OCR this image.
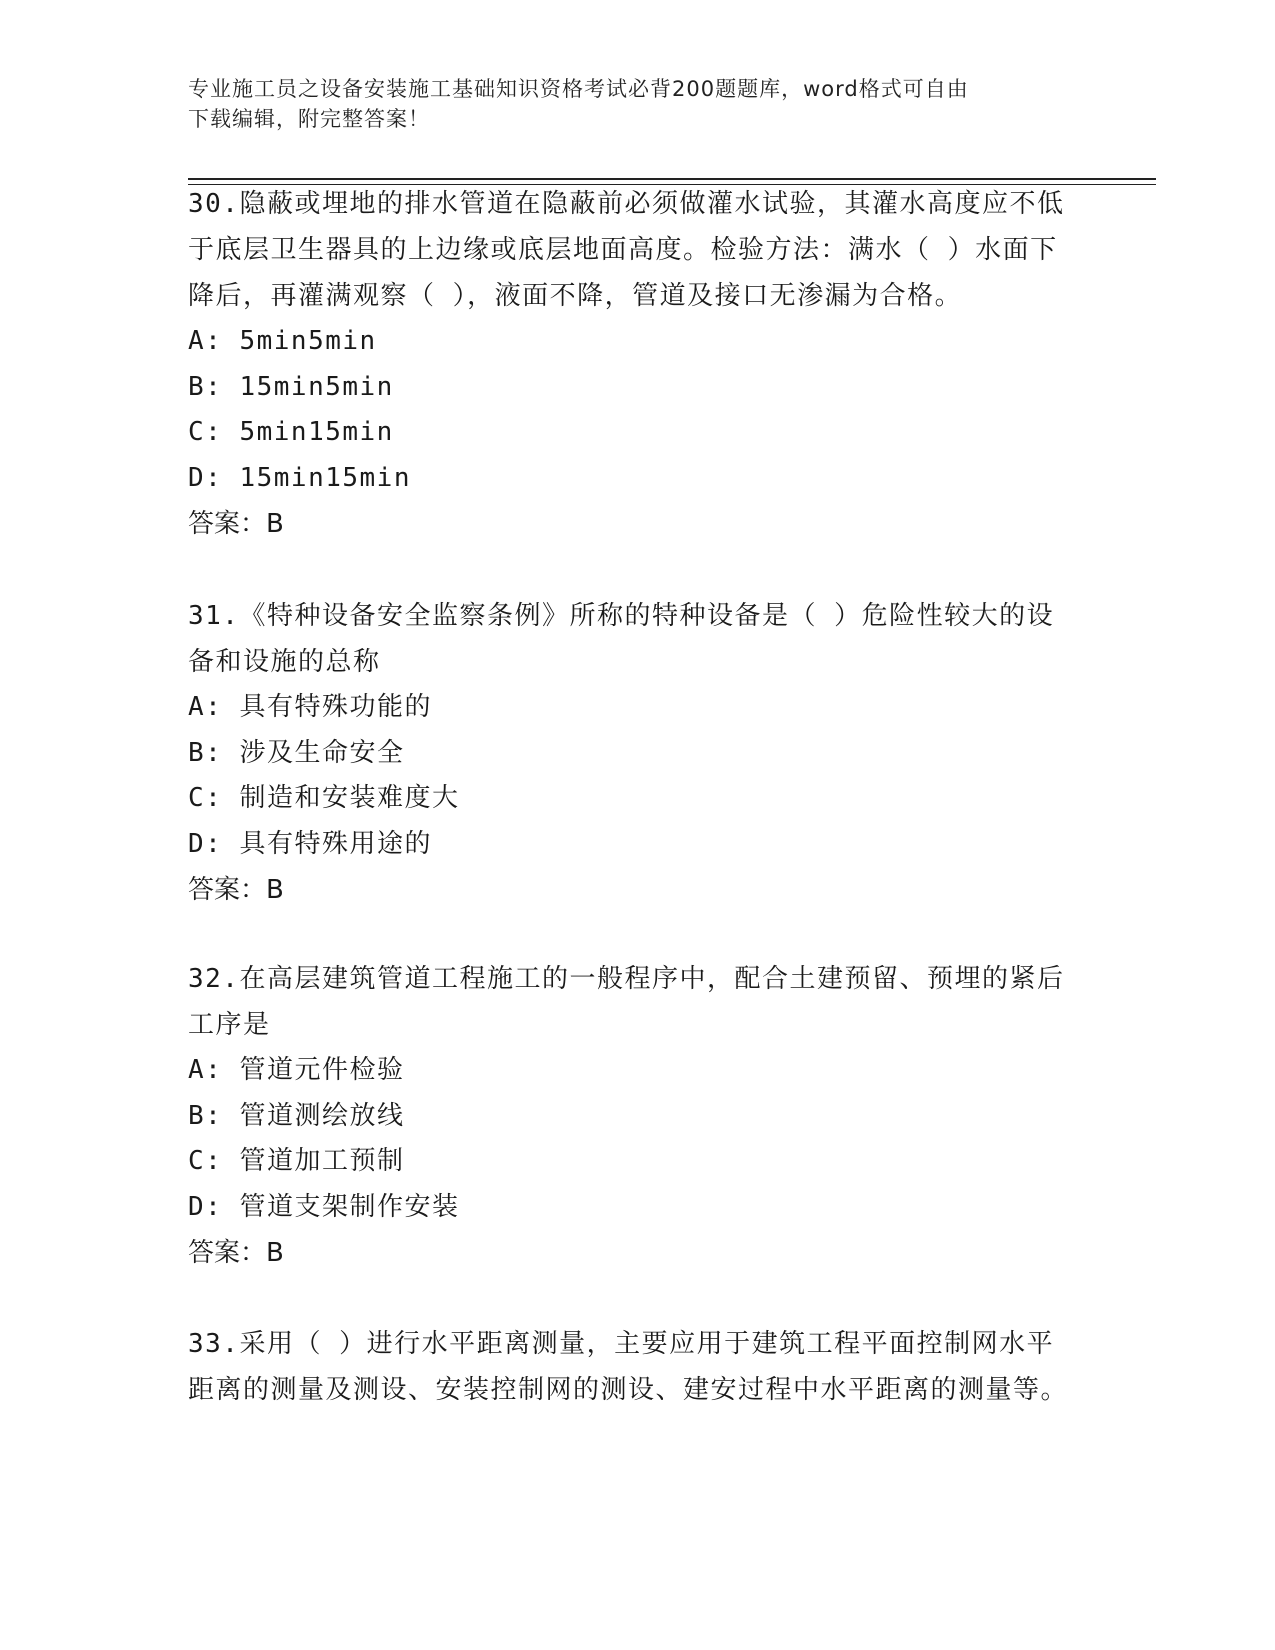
专业施工员之设备安装施工基础知识资格考试必背200题题库，word格式可自由
下载编辑，附完整答案！

30.隐蔽或埋地的排水管道在隐蔽前必须做灌水试验，其灌水高度应不低于底层卫生器具的上边缘或底层地面高度。检验方法：满水（ ）水面下降后，再灌满观察（ ），液面不降，管道及接口无渗漏为合格。

A: 5min5min

B: 15min5min

C: 5min15min

D: 15min15min

答案：B

31.《特种设备安全监察条例》所称的特种设备是（ ）危险性较大的设备和设施的总称

A: 具有特殊功能的

B: 涉及生命安全

C: 制造和安装难度大

D: 具有特殊用途的

答案：B

32.在高层建筑管道工程施工的一般程序中，配合土建预留、预埋的紧后工序是

A: 管道元件检验

B: 管道测绘放线

C: 管道加工预制

D: 管道支架制作安装

答案：B

33.采用（ ）进行水平距离测量，主要应用于建筑工程平面控制网水平距离的测量及测设、安装控制网的测设、建安过程中水平距离的测量等。
